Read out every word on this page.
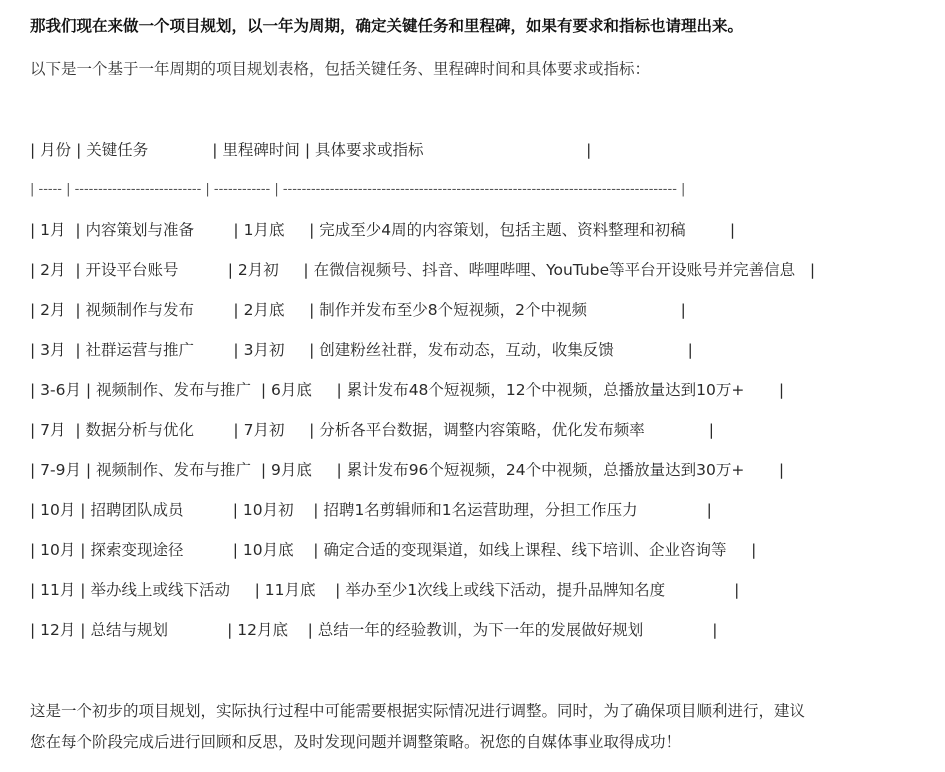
那我们现在来做一个项目规划，以一年为周期，确定关键任务和里程碑，如果有要求和指标也请理出来。
以下是一个基于一年周期的项目规划表格，包括关键任务、里程碑时间和具体要求或指标：
| 月份 | 关键任务             | 里程碑时间 | 具体要求或指标                                 |
| ----- | --------------------------- | ------------ | ------------------------------------------------------------------------------------ |
| 1月  | 内容策划与准备        | 1月底     | 完成至少4周的内容策划，包括主题、资料整理和初稿         |
| 2月  | 开设平台账号          | 2月初     | 在微信视频号、抖音、哔哩哔哩、YouTube等平台开设账号并完善信息   |
| 2月  | 视频制作与发布        | 2月底     | 制作并发布至少8个短视频，2个中视频                   |
| 3月  | 社群运营与推广        | 3月初     | 创建粉丝社群，发布动态，互动，收集反馈               |
| 3-6月 | 视频制作、发布与推广  | 6月底     | 累计发布48个短视频，12个中视频，总播放量达到10万+       |
| 7月  | 数据分析与优化        | 7月初     | 分析各平台数据，调整内容策略，优化发布频率             |
| 7-9月 | 视频制作、发布与推广  | 9月底     | 累计发布96个短视频，24个中视频，总播放量达到30万+       |
| 10月 | 招聘团队成员          | 10月初    | 招聘1名剪辑师和1名运营助理，分担工作压力              |
| 10月 | 探索变现途径          | 10月底    | 确定合适的变现渠道，如线上课程、线下培训、企业咨询等     |
| 11月 | 举办线上或线下活动     | 11月底    | 举办至少1次线上或线下活动，提升品牌知名度              |
| 12月 | 总结与规划            | 12月底    | 总结一年的经验教训，为下一年的发展做好规划              |
这是一个初步的项目规划，实际执行过程中可能需要根据实际情况进行调整。同时，为了确保项目顺利进行，建议
您在每个阶段完成后进行回顾和反思，及时发现问题并调整策略。祝您的自媒体事业取得成功！
